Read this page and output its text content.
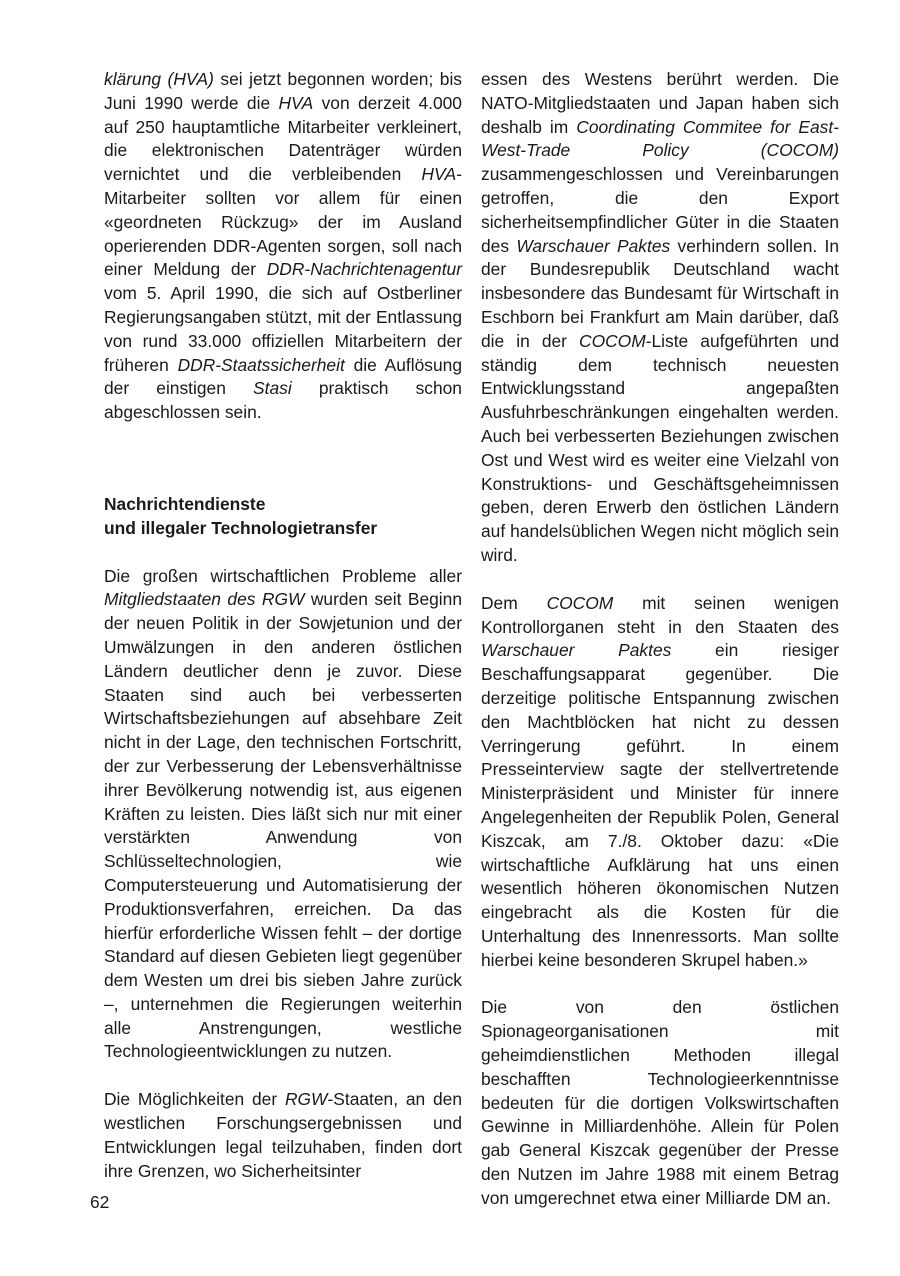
klärung (HVA) sei jetzt begonnen worden; bis Juni 1990 werde die HVA von derzeit 4.000 auf 250 hauptamtliche Mitarbeiter verkleinert, die elektronischen Datenträger würden vernichtet und die verbleibenden HVA-Mitarbeiter sollten vor allem für einen «geordneten Rückzug» der im Ausland operierenden DDR-Agenten sorgen, soll nach einer Meldung der DDR-Nachrichtenagentur vom 5. April 1990, die sich auf Ostberliner Regierungsangaben stützt, mit der Entlassung von rund 33.000 offiziellen Mitarbeitern der früheren DDR-Staatssicherheit die Auflösung der einstigen Stasi praktisch schon abgeschlossen sein.

Nachrichtendienste
und illegaler Technologietransfer

Die großen wirtschaftlichen Probleme aller Mitgliedstaaten des RGW wurden seit Beginn der neuen Politik in der Sowjetunion und der Umwälzungen in den anderen östlichen Ländern deutlicher denn je zuvor. Diese Staaten sind auch bei verbesserten Wirtschaftsbeziehungen auf absehbare Zeit nicht in der Lage, den technischen Fortschritt, der zur Verbesserung der Lebensverhältnisse ihrer Bevölkerung notwendig ist, aus eigenen Kräften zu leisten. Dies läßt sich nur mit einer verstärkten Anwendung von Schlüsseltechnologien, wie Computersteuerung und Automatisierung der Produktionsverfahren, erreichen. Da das hierfür erforderliche Wissen fehlt – der dortige Standard auf diesen Gebieten liegt gegenüber dem Westen um drei bis sieben Jahre zurück –, unternehmen die Regierungen weiterhin alle Anstrengungen, westliche Technologieentwicklungen zu nutzen.

Die Möglichkeiten der RGW-Staaten, an den westlichen Forschungsergebnissen und Entwicklungen legal teilzuhaben, finden dort ihre Grenzen, wo Sicherheitsinter

essen des Westens berührt werden. Die NATO-Mitgliedstaaten und Japan haben sich deshalb im Coordinating Commitee for East-West-Trade Policy (COCOM) zusammengeschlossen und Vereinbarungen getroffen, die den Export sicherheitsempfindlicher Güter in die Staaten des Warschauer Paktes verhindern sollen. In der Bundesrepublik Deutschland wacht insbesondere das Bundesamt für Wirtschaft in Eschborn bei Frankfurt am Main darüber, daß die in der COCOM-Liste aufgeführten und ständig dem technisch neuesten Entwicklungsstand angepaßten Ausfuhrbeschränkungen eingehalten werden. Auch bei verbesserten Beziehungen zwischen Ost und West wird es weiter eine Vielzahl von Konstruktions- und Geschäftsgeheimnissen geben, deren Erwerb den östlichen Ländern auf handelsüblichen Wegen nicht möglich sein wird.

Dem COCOM mit seinen wenigen Kontrollorganen steht in den Staaten des Warschauer Paktes ein riesiger Beschaffungsapparat gegenüber. Die derzeitige politische Entspannung zwischen den Machtblöcken hat nicht zu dessen Verringerung geführt. In einem Presseinterview sagte der stellvertretende Ministerpräsident und Minister für innere Angelegenheiten der Republik Polen, General Kiszcak, am 7./8. Oktober dazu: «Die wirtschaftliche Aufklärung hat uns einen wesentlich höheren ökonomischen Nutzen eingebracht als die Kosten für die Unterhaltung des Innenressorts. Man sollte hierbei keine besonderen Skrupel haben.»

Die von den östlichen Spionageorganisationen mit geheimdienstlichen Methoden illegal beschafften Technologieerkenntnisse bedeuten für die dortigen Volkswirtschaften Gewinne in Milliardenhöhe. Allein für Polen gab General Kiszcak gegenüber der Presse den Nutzen im Jahre 1988 mit einem Betrag von umgerechnet etwa einer Milliarde DM an.

62
